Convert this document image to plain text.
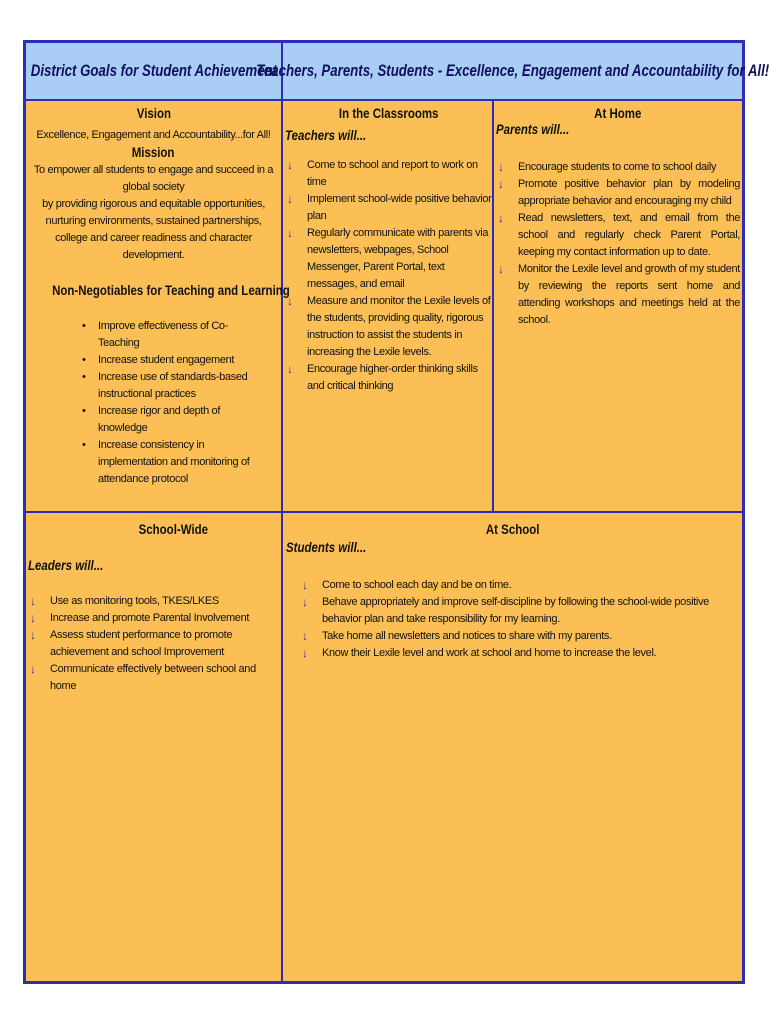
District Goals for Student Achievement
Teachers, Parents, Students - Excellence, Engagement and Accountability for All!
Vision
Excellence, Engagement and Accountability...for All!
Mission
To empower all students to engage and succeed in a global society
by providing rigorous and equitable opportunities,
nurturing environments, sustained partnerships,
college and career readiness and character development.
Non-Negotiables for Teaching and Learning
• Improve effectiveness of Co-Teaching
• Increase student engagement
• Increase use of standards-based instructional practices
• Increase rigor and depth of knowledge
• Increase consistency in implementation and monitoring of attendance protocol
In the Classrooms
Teachers will...
↓ Come to school and report to work on time
↓ Implement school-wide positive behavior plan
↓ Regularly communicate with parents via newsletters, webpages, School Messenger, Parent Portal, text messages, and email
↓ Measure and monitor the Lexile levels of the students, providing quality, rigorous instruction to assist the students in increasing the Lexile levels.
↓ Encourage higher-order thinking skills and critical thinking
At Home
Parents will...
↓ Encourage students to come to school daily
↓ Promote positive behavior plan by modeling appropriate behavior and encouraging my child
↓ Read newsletters, text, and email from the school and regularly check Parent Portal, keeping my contact information up to date.
↓ Monitor the Lexile level and growth of my student by reviewing the reports sent home and attending workshops and meetings held at the school.
School-Wide
Leaders will...
↓ Use as monitoring tools, TKES/LKES
↓ Increase and promote Parental Involvement
↓ Assess student performance to promote achievement and school Improvement
↓ Communicate effectively between school and home
At School
Students will...
↓ Come to school each day and be on time.
↓ Behave appropriately and improve self-discipline by following the school-wide positive behavior plan and take responsibility for my learning.
↓ Take home all newsletters and notices to share with my parents.
↓ Know their Lexile level and work at school and home to increase the level.
